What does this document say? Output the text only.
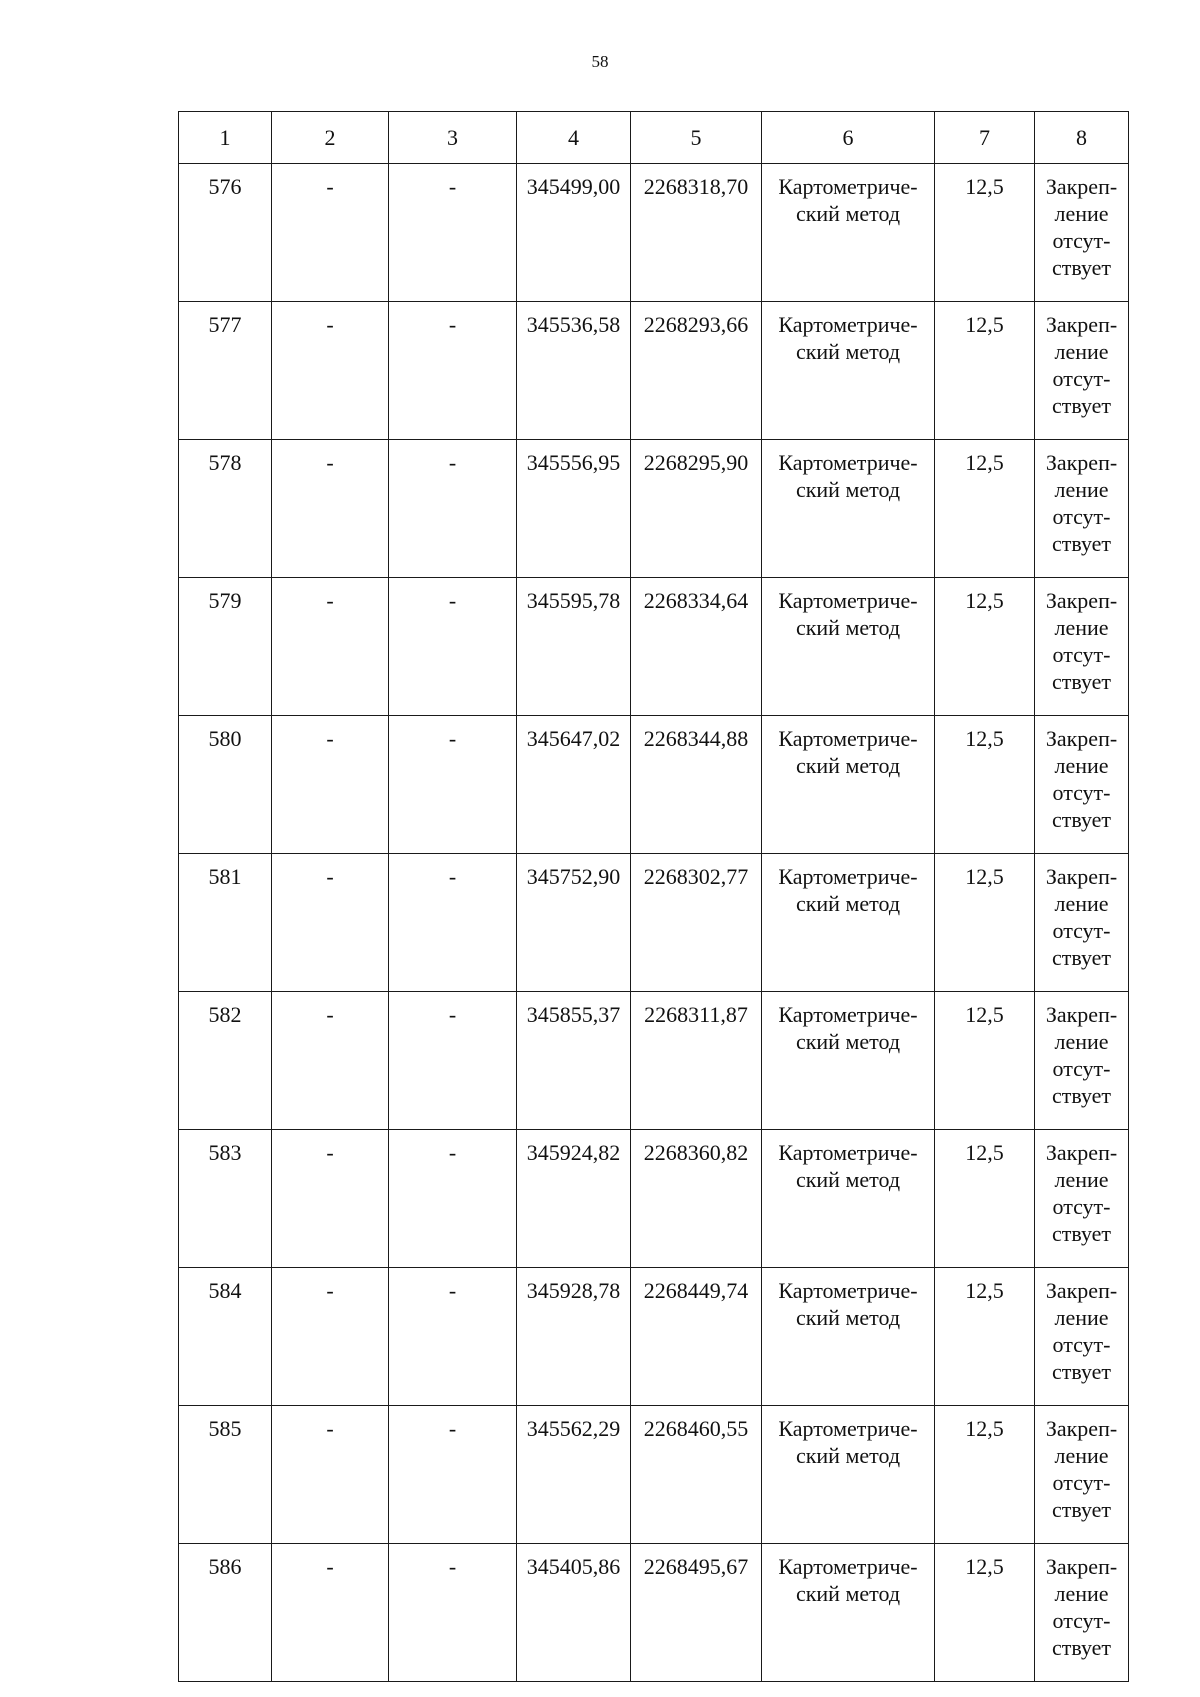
58
1	2	3	4	5	6	7	8
576	-	-	345499,00	2268318,70	Картометриче-
ский метод	12,5	Закреп-
ление
отсут-
ствует

577	-	-	345536,58	2268293,66	Картометриче-
ский метод	12,5	Закреп-
ление
отсут-
ствует

578	-	-	345556,95	2268295,90	Картометриче-
ский метод	12,5	Закреп-
ление
отсут-
ствует

579	-	-	345595,78	2268334,64	Картометриче-
ский метод	12,5	Закреп-
ление
отсут-
ствует

580	-	-	345647,02	2268344,88	Картометриче-
ский метод	12,5	Закреп-
ление
отсут-
ствует

581	-	-	345752,90	2268302,77	Картометриче-
ский метод	12,5	Закреп-
ление
отсут-
ствует

582	-	-	345855,37	2268311,87	Картометриче-
ский метод	12,5	Закреп-
ление
отсут-
ствует

583	-	-	345924,82	2268360,82	Картометриче-
ский метод	12,5	Закреп-
ление
отсут-
ствует

584	-	-	345928,78	2268449,74	Картометриче-
ский метод	12,5	Закреп-
ление
отсут-
ствует

585	-	-	345562,29	2268460,55	Картометриче-
ский метод	12,5	Закреп-
ление
отсут-
ствует

586	-	-	345405,86	2268495,67	Картометриче-
ский метод	12,5	Закреп-
ление
отсут-
ствует
